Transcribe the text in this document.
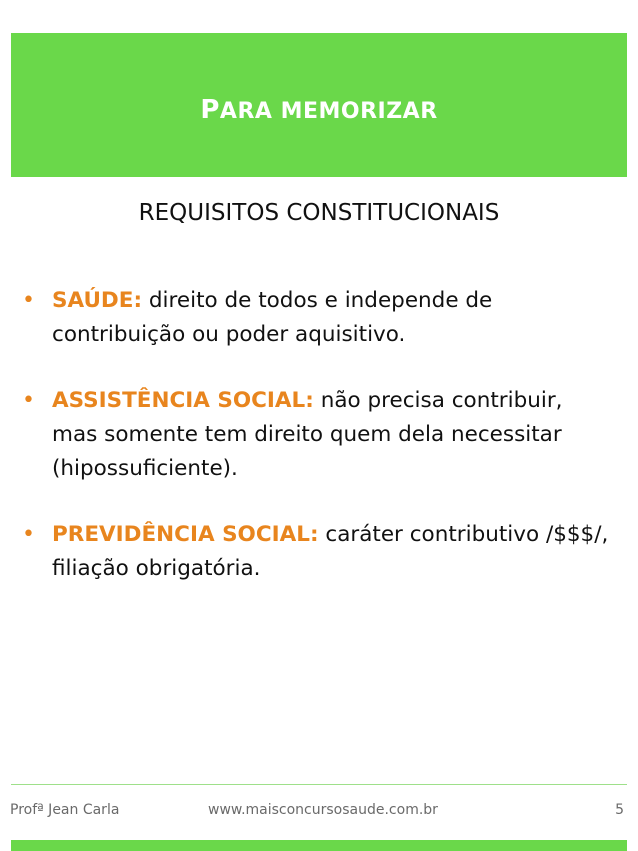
PARA MEMORIZAR
REQUISITOS CONSTITUCIONAIS
• SAÚDE: direito de todos e independe de contribuição ou poder aquisitivo.
• ASSISTÊNCIA SOCIAL: não precisa contribuir, mas somente tem direito quem dela necessitar (hipossuficiente).
• PREVIDÊNCIA SOCIAL: caráter contributivo /$$$/, filiação obrigatória.
Profª Jean Carla	www.maisconcursosaude.com.br	5
